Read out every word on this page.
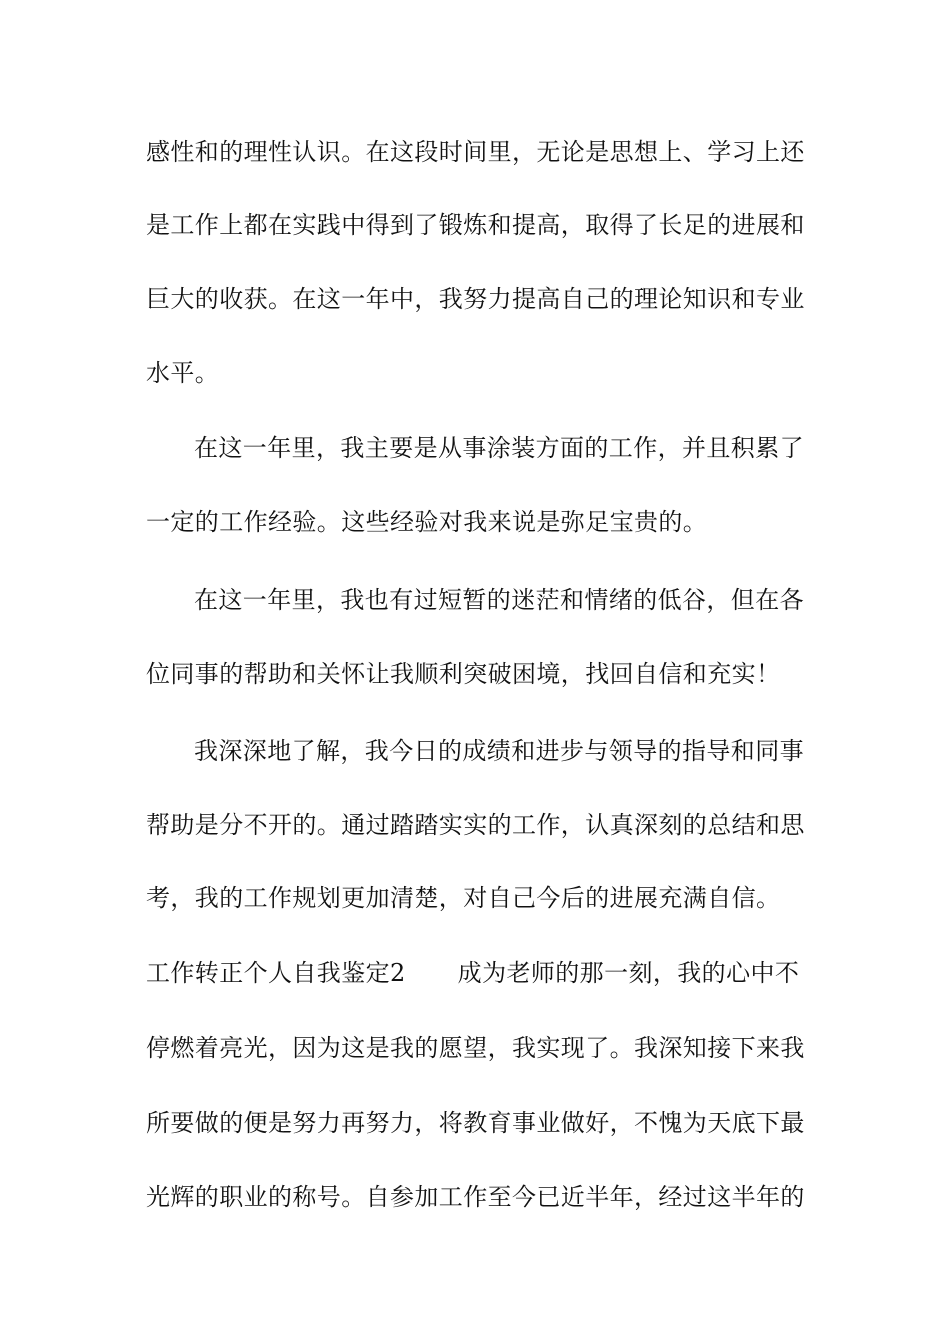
感性和的理性认识。在这段时间里，无论是思想上、学习上还
是工作上都在实践中得到了锻炼和提高，取得了长足的进展和
巨大的收获。在这一年中，我努力提高自己的理论知识和专业
水平。
在这一年里，我主要是从事涂装方面的工作，并且积累了
一定的工作经验。这些经验对我来说是弥足宝贵的。
在这一年里，我也有过短暂的迷茫和情绪的低谷，但在各
位同事的帮助和关怀让我顺利突破困境，找回自信和充实！
我深深地了解，我今日的成绩和进步与领导的指导和同事
帮助是分不开的。通过踏踏实实的工作，认真深刻的总结和思
考，我的工作规划更加清楚，对自己今后的进展充满自信。
工作转正个人自我鉴定2 成为老师的那一刻，我的心中不
停燃着亮光，因为这是我的愿望，我实现了。我深知接下来我
所要做的便是努力再努力，将教育事业做好，不愧为天底下最
光辉的职业的称号。自参加工作至今已近半年，经过这半年的
